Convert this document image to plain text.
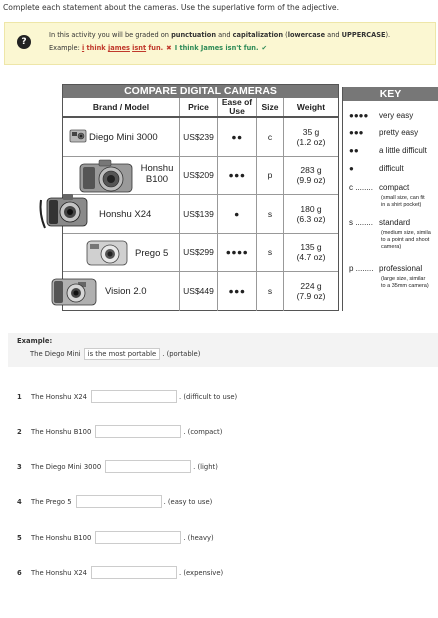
Complete each statement about the cameras. Use the superlative form of the adjective.
?
In this activity you will be graded on punctuation and capitalization (lowercase and UPPERCASE).
Example: i think james isnt fun. ✖ I think James isn't fun. ✔
COMPARE DIGITAL CAMERAS
Brand / Model	Price	Ease of Use	Size	Weight
Diego Mini 3000	US$239	●●	c	35 g
(1.2 oz)
Honshu B100	US$209	●●●	p	283 g
(9.9 oz)
Honshu X24	US$139	●	s	180 g
(6.3 oz)
Prego 5	US$299	●●●●	s	135 g
(4.7 oz)
Vision 2.0	US$449	●●●	s	224 g
(7.9 oz)
KEY
●●●● very easy
●●● pretty easy
●●	a little difficult
●	difficult
c ........ compact
(small size, can fit
in a shirt pocket)
s ........ standard
(medium size, simila
to a point and shoot
camera)
p ........ professional
(large size, similar
to a 35mm camera)
Example:
The Diego Mini	is the most portable . (portable)
1	The Honshu X24	. (difficult to use)
2	The Honshu B100	. (compact)
3	The Diego Mini 3000	. (light)
4	The Prego 5	. (easy to use)
5	The Honshu B100	. (heavy)
6	The Honshu X24	. (expensive)
